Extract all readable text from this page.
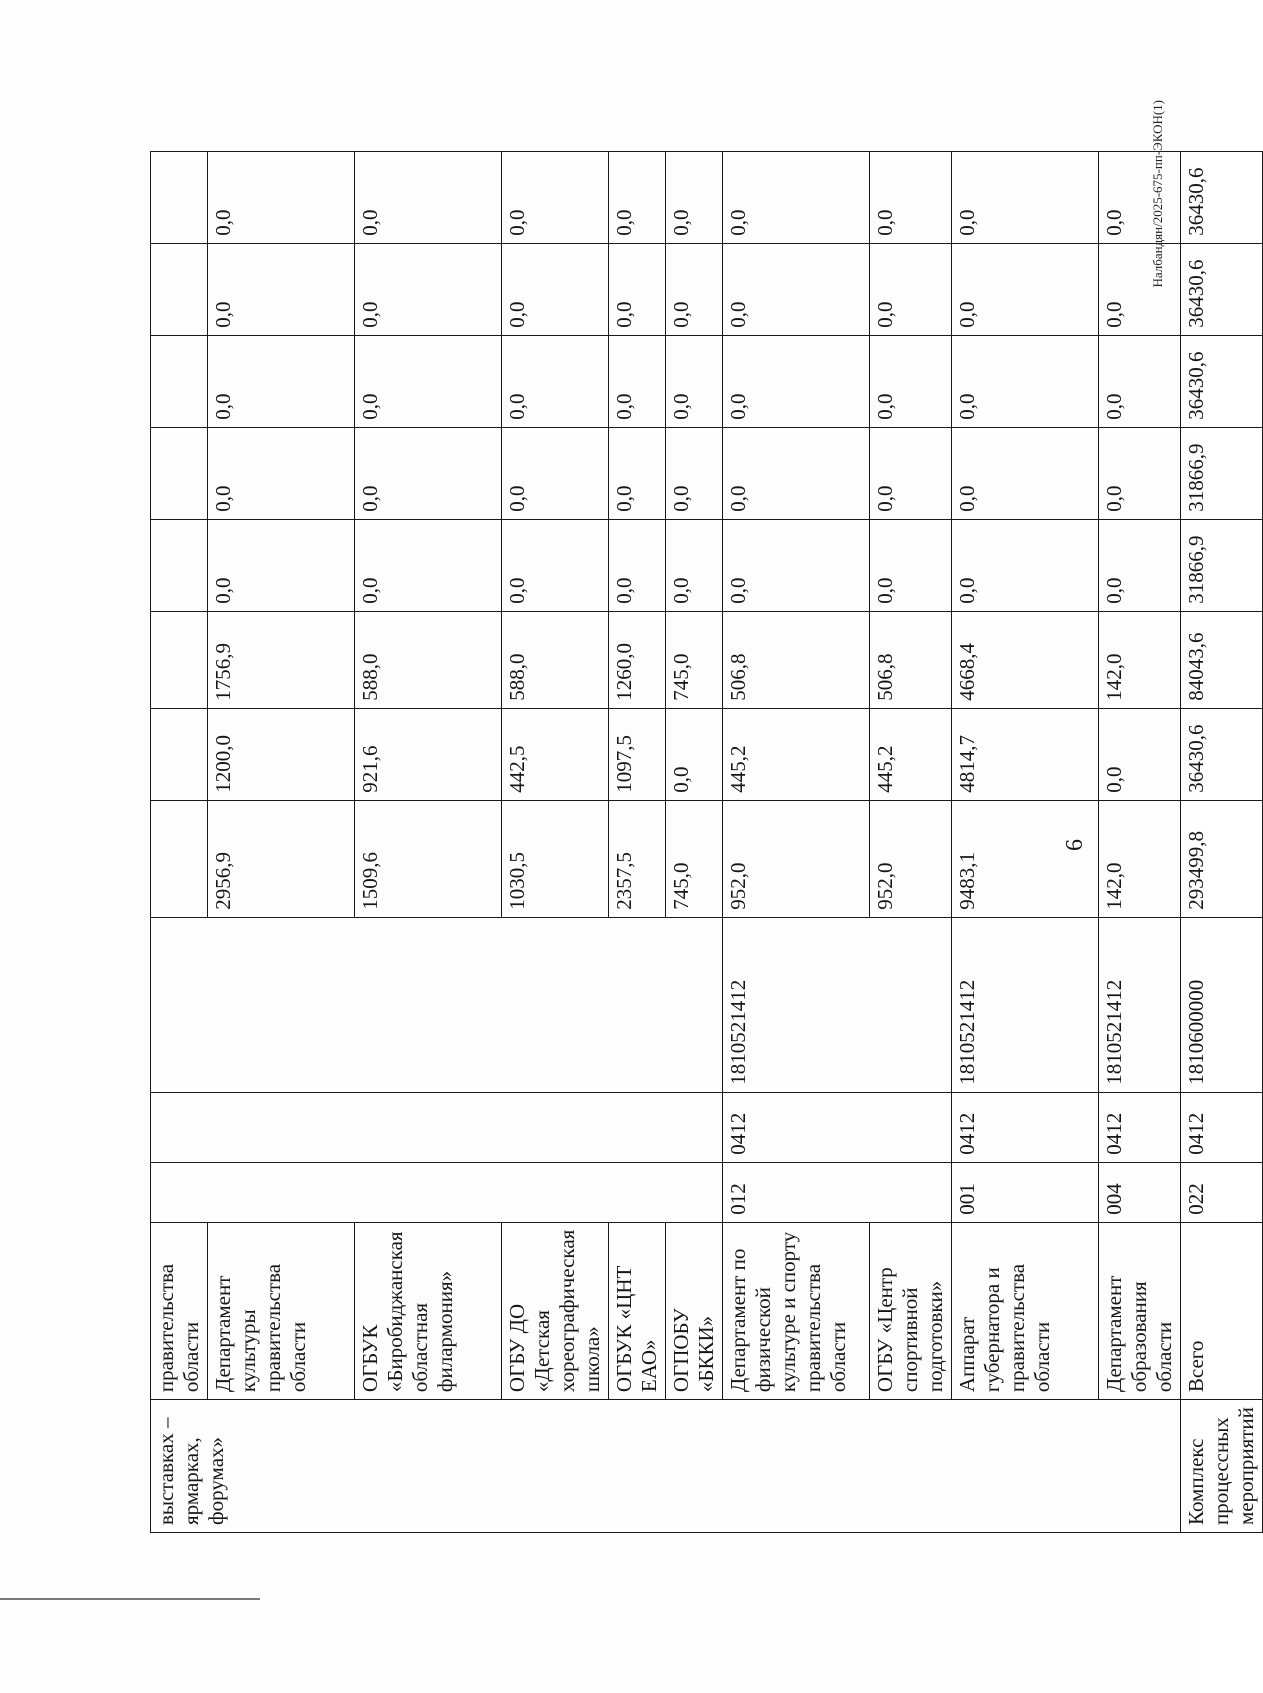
6
выставках – ярмарках, форумах»	правительства области											
	Департамент культуры правительства области				2956,9	1200,0	1756,9	0,0	0,0	0,0	0,0	0,0
	ОГБУК «Биробиджанская областная филармония»				1509,6	921,6	588,0	0,0	0,0	0,0	0,0	0,0
	ОГБУ ДО «Детская хореографическая школа»				1030,5	442,5	588,0	0,0	0,0	0,0	0,0	0,0
	ОГБУК «ЦНТ ЕАО»				2357,5	1097,5	1260,0	0,0	0,0	0,0	0,0	0,0
	ОГПОБУ «БККИ»				745,0	0,0	745,0	0,0	0,0	0,0	0,0	0,0
	Департамент по физической культуре и спорту правительства области	012	0412	1810521412	952,0	445,2	506,8	0,0	0,0	0,0	0,0	0,0
	ОГБУ «Центр спортивной подготовки»				952,0	445,2	506,8	0,0	0,0	0,0	0,0	0,0
	Аппарат губернатора и правительства области	001	0412	1810521412	9483,1	4814,7	4668,4	0,0	0,0	0,0	0,0	0,0
	Департамент образования области	004	0412	1810521412	142,0	0,0	142,0	0,0	0,0	0,0	0,0	0,0
Комплекс процессных мероприятий	Всего	022	0412	1810600000	293499,8	36430,6	84043,6	31866,9	31866,9	36430,6	36430,6	36430,6
Налбандян/2025-675-пп-ЭКОН(1)
